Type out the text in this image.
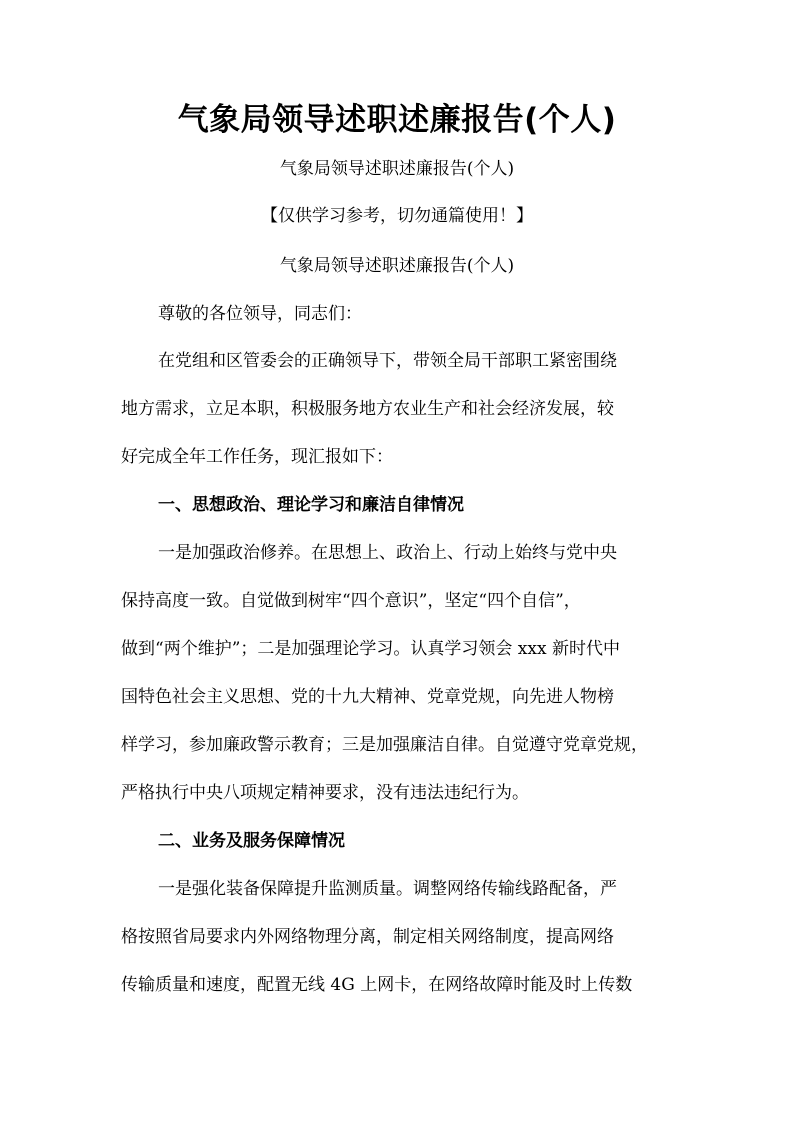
气象局领导述职述廉报告(个人)
气象局领导述职述廉报告(个人)
【仅供学习参考，切勿通篇使用！】
气象局领导述职述廉报告(个人)
尊敬的各位领导，同志们：
在党组和区管委会的正确领导下，带领全局干部职工紧密围绕
地方需求，立足本职，积极服务地方农业生产和社会经济发展，较
好完成全年工作任务，现汇报如下：
一、思想政治、理论学习和廉洁自律情况
一是加强政治修养。在思想上、政治上、行动上始终与党中央
保持高度一致。自觉做到树牢“四个意识”，坚定“四个自信”，
做到“两个维护”；二是加强理论学习。认真学习领会 xxx 新时代中
国特色社会主义思想、党的十九大精神、党章党规，向先进人物榜
样学习，参加廉政警示教育；三是加强廉洁自律。自觉遵守党章党规，
严格执行中央八项规定精神要求，没有违法违纪行为。
二、业务及服务保障情况
一是强化装备保障提升监测质量。调整网络传输线路配备，严
格按照省局要求内外网络物理分离，制定相关网络制度，提高网络
传输质量和速度，配置无线 4G 上网卡，在网络故障时能及时上传数
